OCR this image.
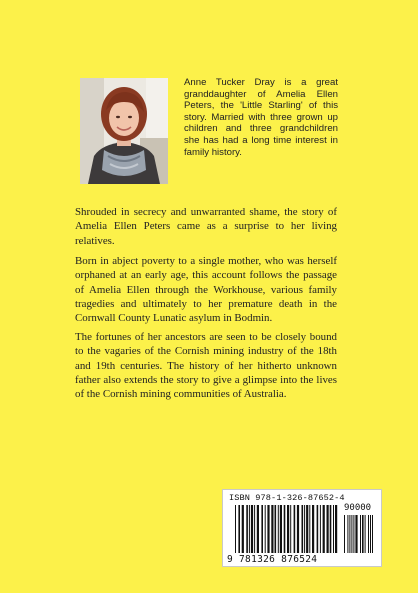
Anne Tucker Dray is a great granddaughter of Amelia Ellen Peters, the 'Little Starling' of this story. Married with three grown up children and three grandchildren she has had a long time interest in family history.

Shrouded in secrecy and unwarranted shame, the story of Amelia Ellen Peters came as a surprise to her living relatives.

Born in abject poverty to a single mother, who was herself orphaned at an early age, this account follows the passage of Amelia Ellen through the Workhouse, various family tragedies and ultimately to her premature death in the Cornwall County Lunatic asylum in Bodmin.

The fortunes of her ancestors are seen to be closely bound to the vagaries of the Cornish mining industry of the 18th and 19th centuries. The history of her hitherto unknown father also extends the story to give a glimpse into the lives of the Cornish mining communities of Australia.

ISBN 978-1-326-87652-4
9 781326 876524
90000
